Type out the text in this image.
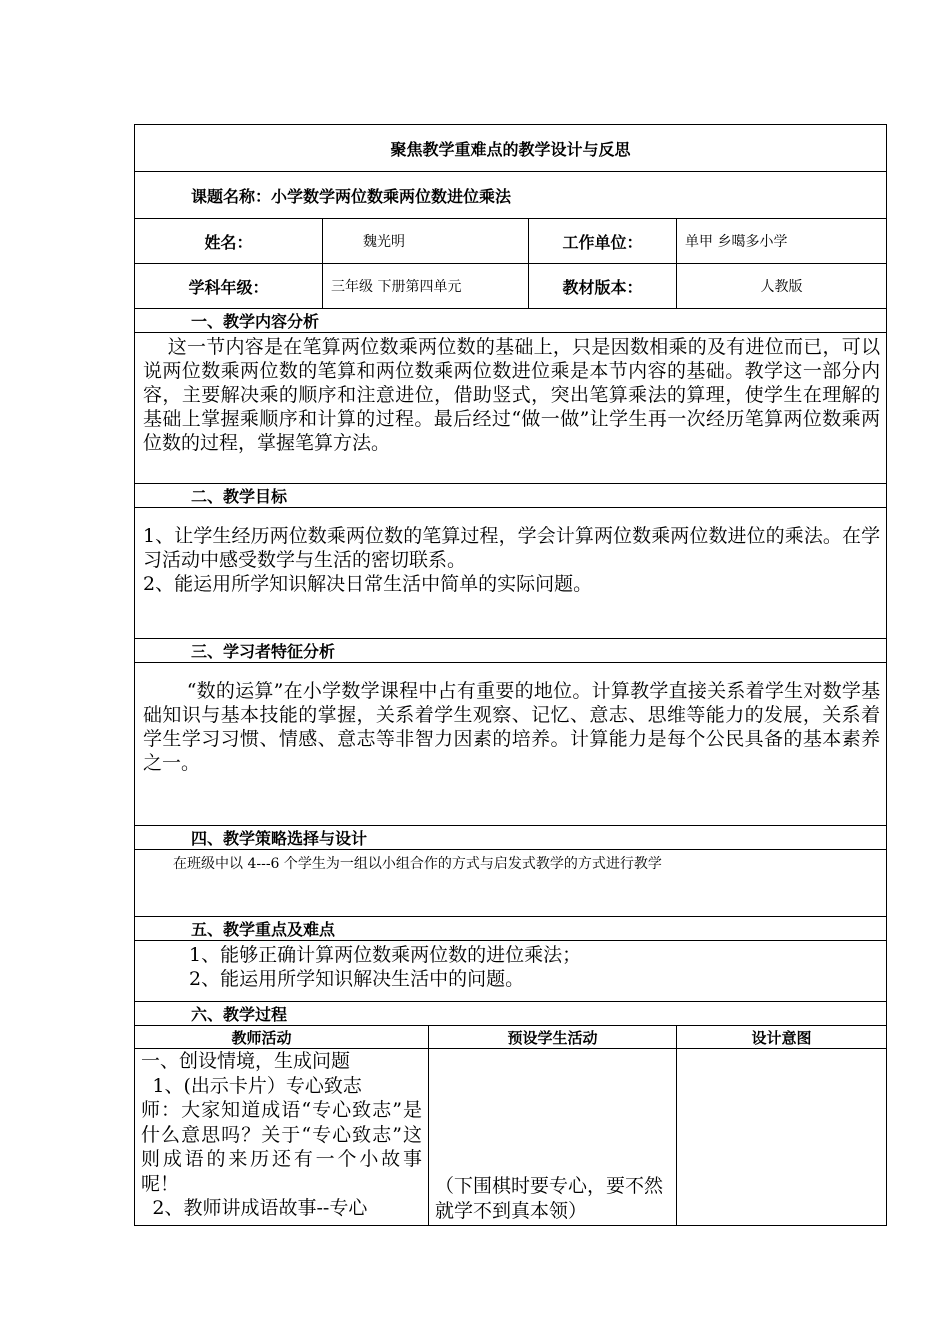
聚焦教学重难点的教学设计与反思				
课题名称：小学数学两位数乘两位数进位乘法				
姓名：	魏光明		工作单位：	单甲 乡噶多小学
学科年级：	三年级 下册第四单元		教材版本：	人教版
一、教学内容分析				

这一节内容是在笔算两位数乘两位数的基础上，只是因数相乘的及有进位而已，可以说两位数乘两位数的笔算和两位数乘两位数进位乘是本节内容的基础。教学这一部分内容，主要解决乘的顺序和注意进位，借助竖式，突出笔算乘法的算理，使学生在理解的基础上掌握乘顺序和计算的过程。最后经过“做一做”让学生再一次经历笔算两位数乘两位数的过程，掌握笔算方法。				

二、教学目标				

1、让学生经历两位数乘两位数的笔算过程，学会计算两位数乘两位数进位的乘法。在学习活动中感受数学与生活的密切联系。

2、能运用所学知识解决日常生活中简单的实际问题。				

三、学习者特征分析				

“数的运算”在小学数学课程中占有重要的地位。计算教学直接关系着学生对数学基础知识与基本技能的掌握，关系着学生观察、记忆、意志、思维等能力的发展，关系着学生学习习惯、情感、意志等非智力因素的培养。计算能力是每个公民具备的基本素养之一。				

四、教学策略选择与设计				

在班级中以 4---6 个学生为一组以小组合作的方式与启发式教学的方式进行教学				

五、教学重点及难点				

1、能够正确计算两位数乘两位数的进位乘法；

2、能运用所学知识解决生活中的问题。				

六、教学过程				
教师活动		预设学生活动		设计意图

一、创设情境，生成问题

1、(出示卡片）专心致志

师：大家知道成语“专心致志”是什么意思吗？关于“专心致志”这则成语的来历还有一个小故事呢！

2、教师讲成语故事--专心		（下围棋时要专心，要不然就学不到真本领）		
